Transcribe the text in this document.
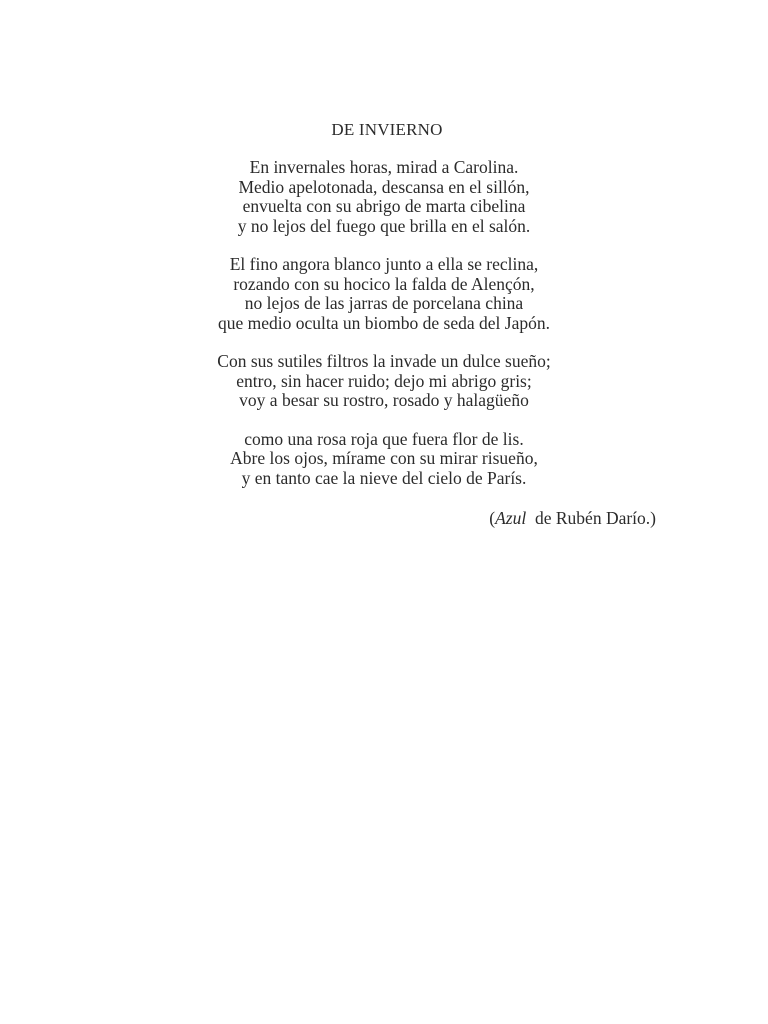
DE INVIERNO
En invernales horas, mirad a Carolina.
Medio apelotonada, descansa en el sillón,
envuelta con su abrigo de marta cibelina
y no lejos del fuego que brilla en el salón.
El fino angora blanco junto a ella se reclina,
rozando con su hocico la falda de Alençón,
no lejos de las jarras de porcelana china
que medio oculta un biombo de seda del Japón.
Con sus sutiles filtros la invade un dulce sueño;
entro, sin hacer ruido; dejo mi abrigo gris;
voy a besar su rostro, rosado y halagüeño
como una rosa roja que fuera flor de lis.
Abre los ojos, mírame con su mirar risueño,
y en tanto cae la nieve del cielo de París.
(Azul  de Rubén Darío.)
